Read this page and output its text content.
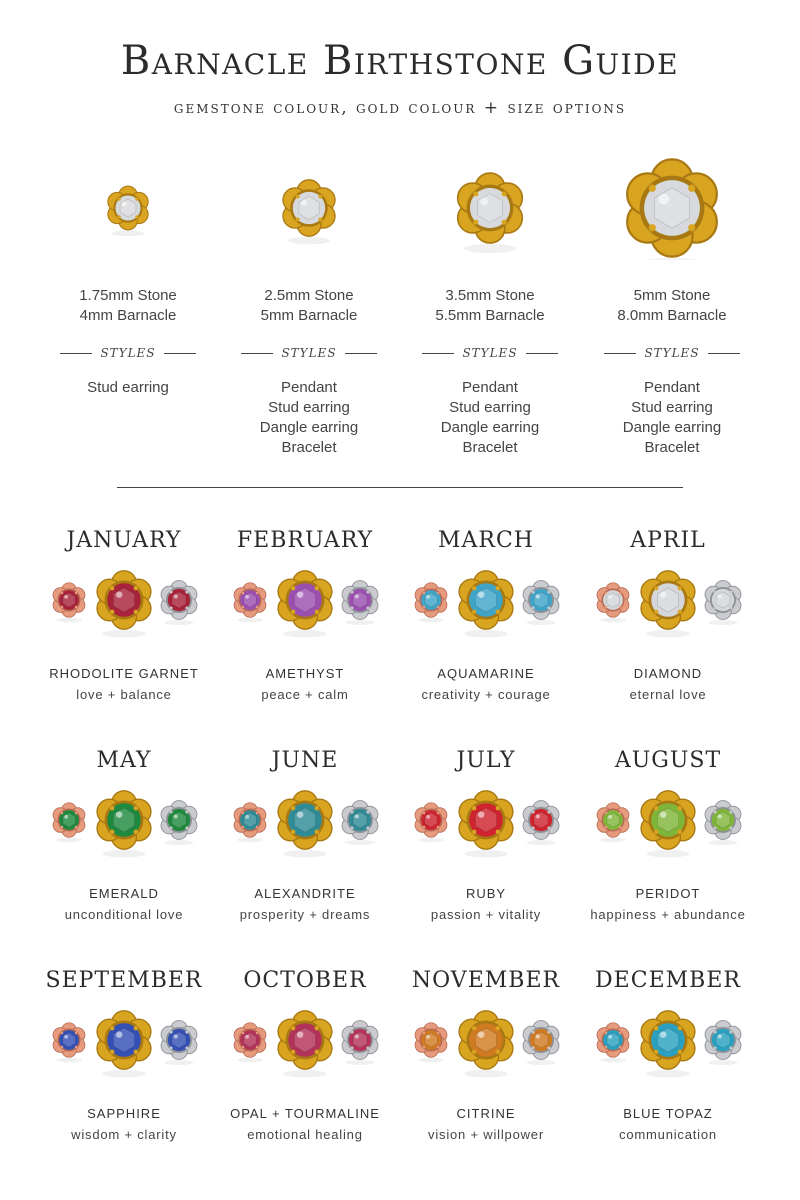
Barnacle Birthstone Guide
gemstone colour, gold colour + size options
1.75mm Stone
4mm Barnacle
STYLES
Stud earring
2.5mm Stone
5mm Barnacle
STYLES
Pendant
Stud earring
Dangle earring
Bracelet
3.5mm Stone
5.5mm Barnacle
STYLES
Pendant
Stud earring
Dangle earring
Bracelet
5mm Stone
8.0mm Barnacle
STYLES
Pendant
Stud earring
Dangle earring
Bracelet
JANUARY
RHODOLITE GARNET
love + balance
FEBRUARY
AMETHYST
peace + calm
MARCH
AQUAMARINE
creativity + courage
APRIL
DIAMOND
eternal love
MAY
EMERALD
unconditional love
JUNE
ALEXANDRITE
prosperity + dreams
JULY
RUBY
passion + vitality
AUGUST
PERIDOT
happiness + abundance
SEPTEMBER
SAPPHIRE
wisdom + clarity
OCTOBER
OPAL + TOURMALINE
emotional healing
NOVEMBER
CITRINE
vision + willpower
DECEMBER
BLUE TOPAZ
communication
